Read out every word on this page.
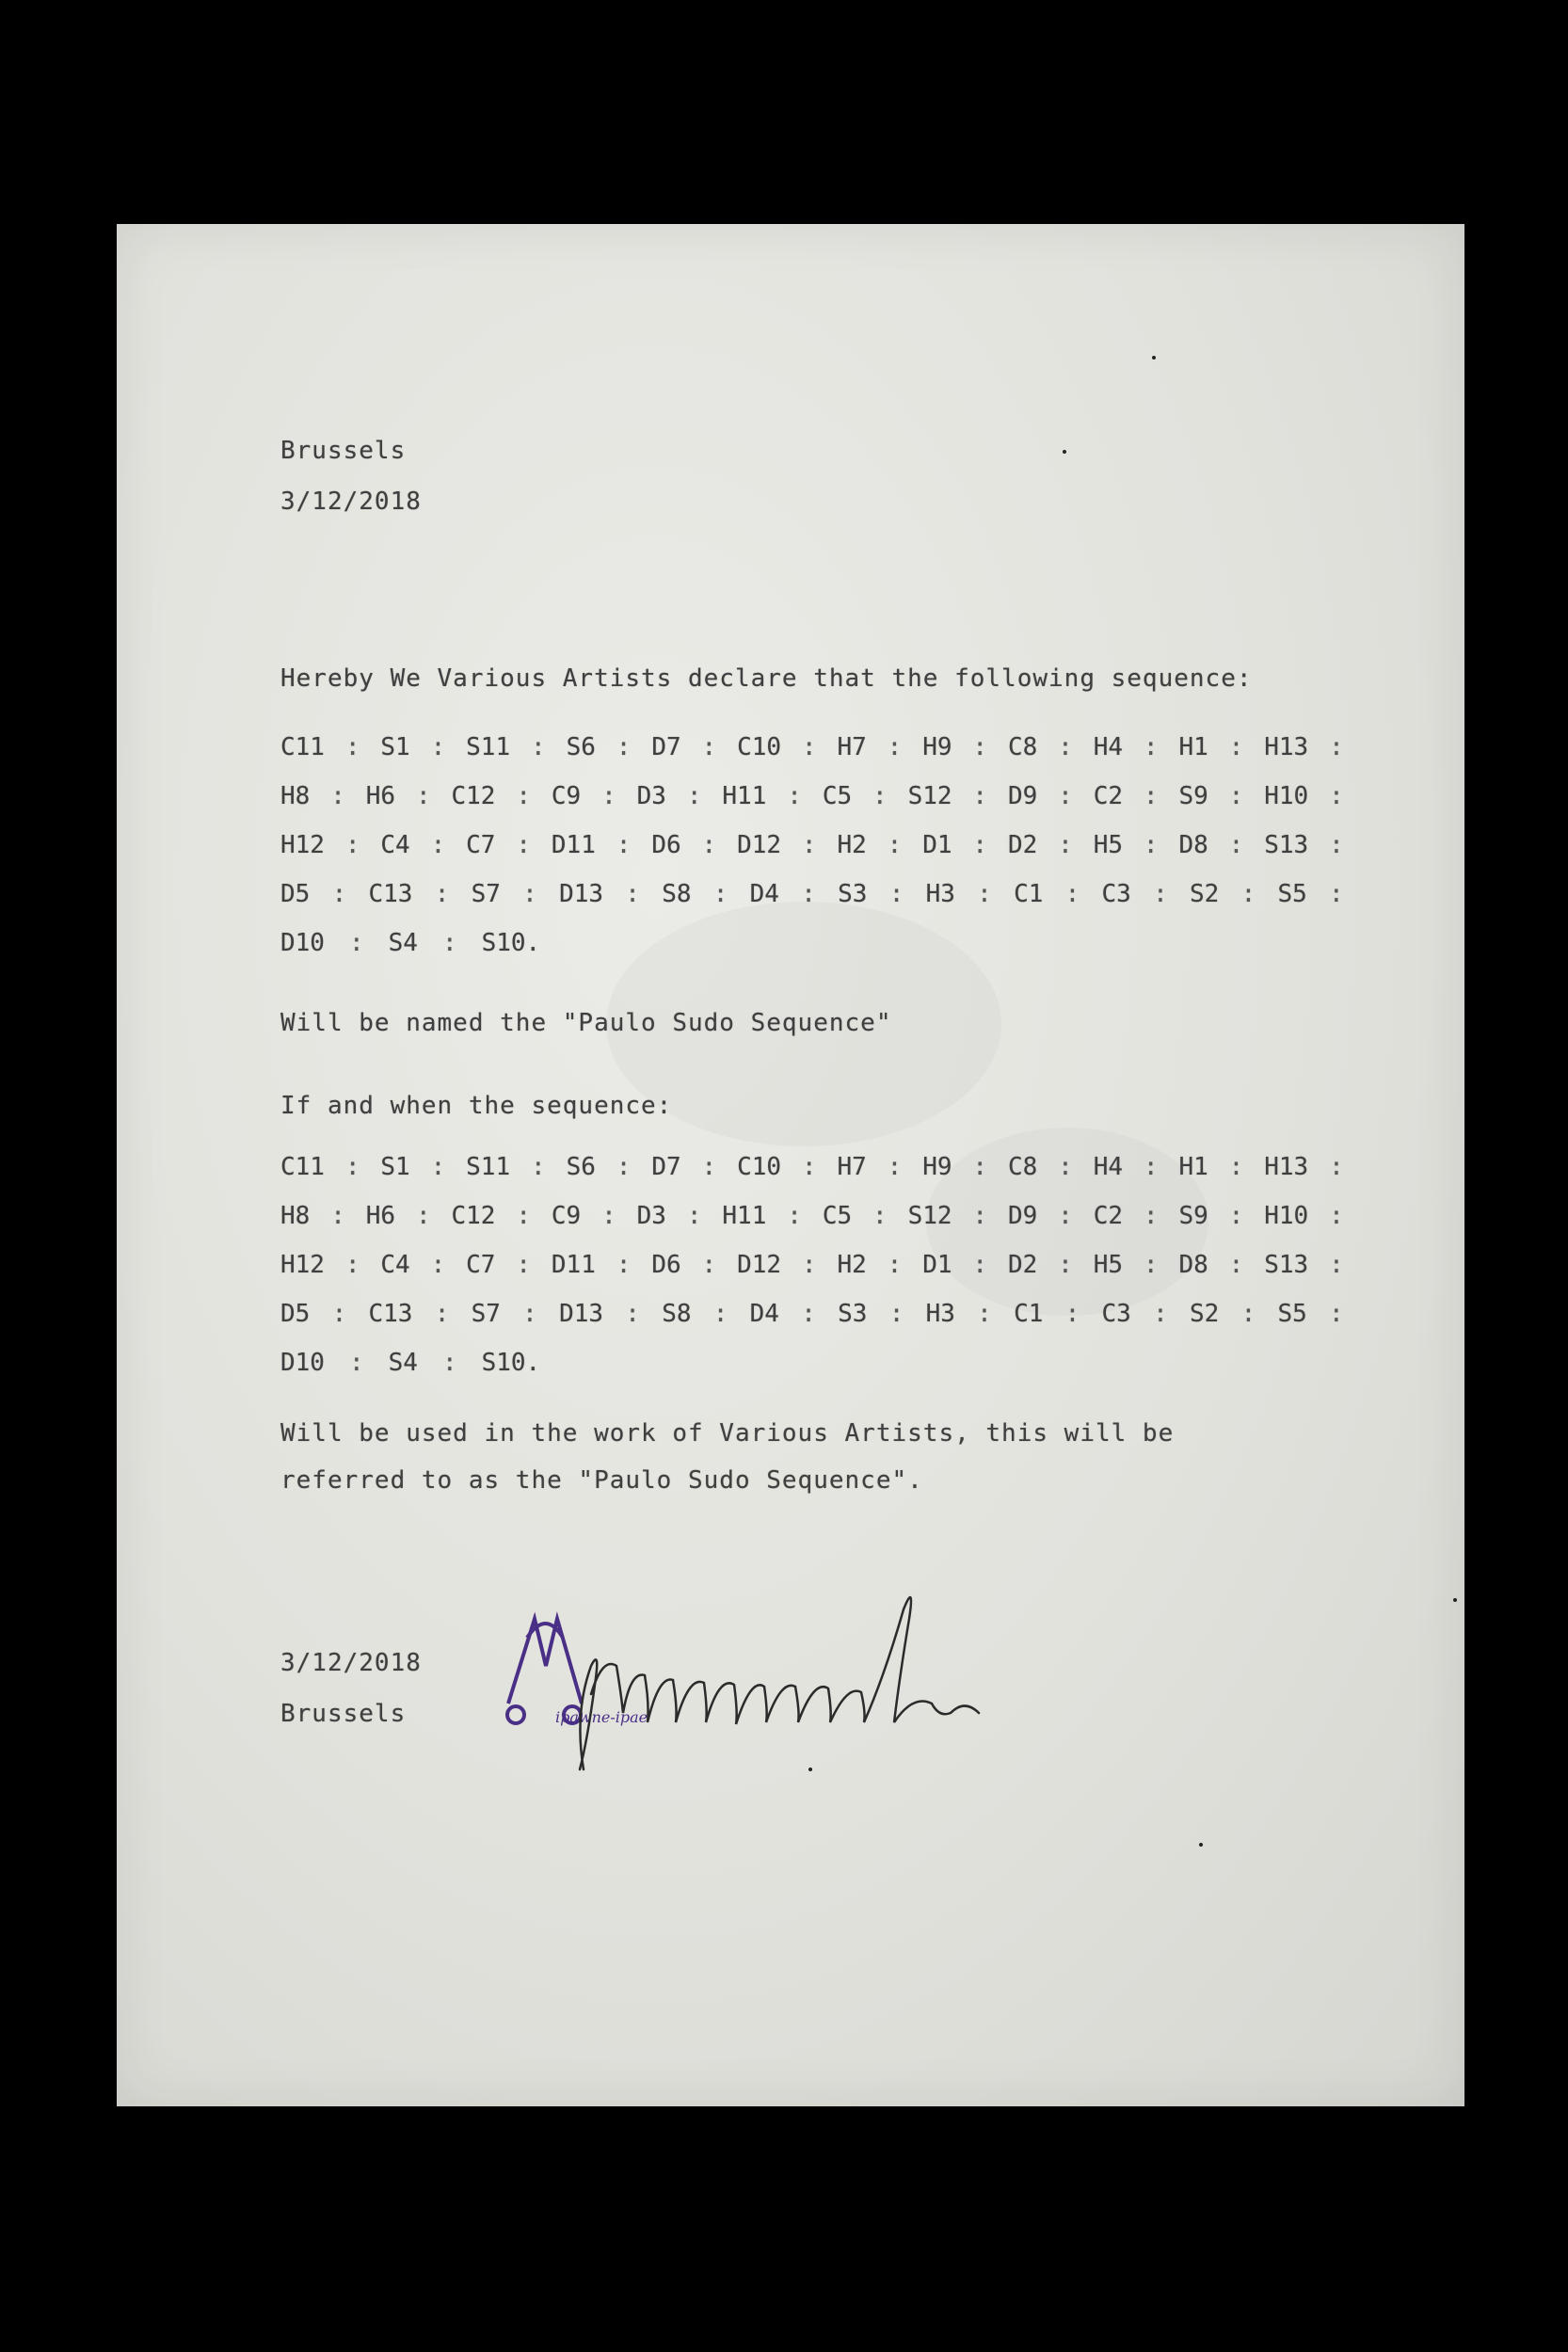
Brussels
3/12/2018
Hereby We Various Artists declare that the following sequence:
C11 : S1 : S11 : S6 : D7 : C10 : H7 : H9 : C8 : H4 : H1 : H13 :
H8 : H6 : C12 : C9 : D3 : H11 : C5 : S12 : D9 : C2 : S9 : H10 :
H12 : C4 : C7 : D11 : D6 : D12 : H2 : D1 : D2 : H5 : D8 : S13 :
D5 : C13 : S7 : D13 : S8 : D4 : S3 : H3 : C1 : C3 : S2 : S5 :
D10 : S4 : S10.
Will be named the "Paulo Sudo Sequence"
If and when the sequence:
C11 : S1 : S11 : S6 : D7 : C10 : H7 : H9 : C8 : H4 : H1 : H13 :
H8 : H6 : C12 : C9 : D3 : H11 : C5 : S12 : D9 : C2 : S9 : H10 :
H12 : C4 : C7 : D11 : D6 : D12 : H2 : D1 : D2 : H5 : D8 : S13 :
D5 : C13 : S7 : D13 : S8 : D4 : S3 : H3 : C1 : C3 : S2 : S5 :
D10 : S4 : S10.
Will be used in the work of Various Artists, this will be
referred to as the "Paulo Sudo Sequence".
3/12/2018
Brussels	ipawne-ipae
